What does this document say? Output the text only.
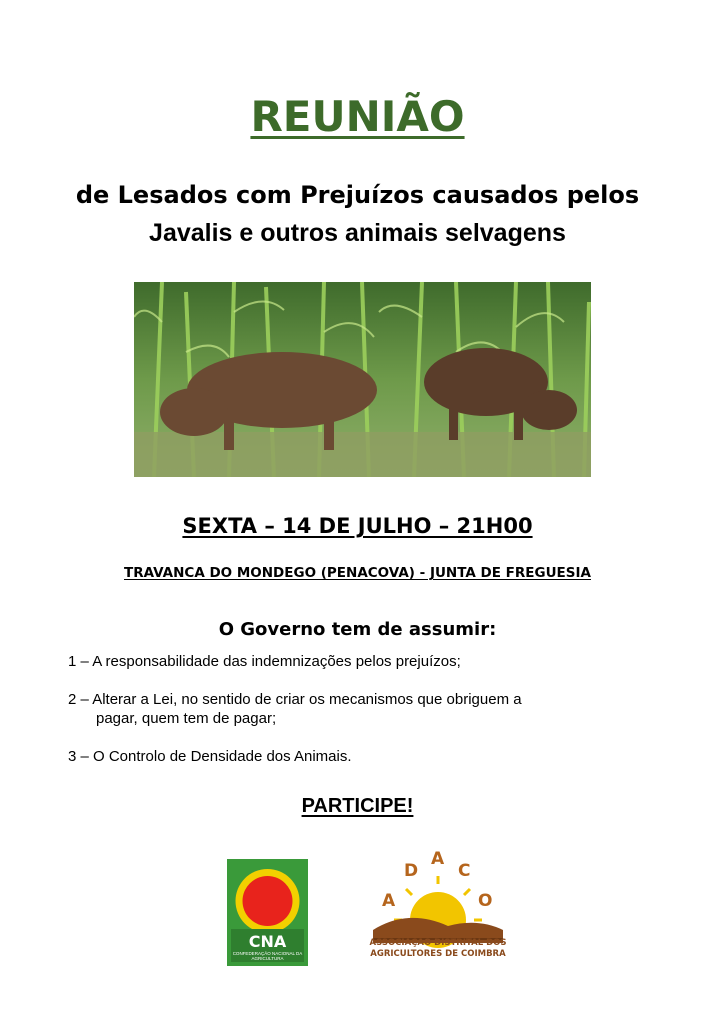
REUNIÃO
de Lesados com Prejuízos causados pelos
Javalis e outros animais selvagens
SEXTA – 14 DE JULHO – 21H00
TRAVANCA DO MONDEGO (PENACOVA) - JUNTA DE FREGUESIA
O Governo tem de assumir:
1 – A responsabilidade das indemnizações pelos prejuízos;
2 – Alterar a Lei, no sentido de criar os mecanismos que obriguem a
pagar, quem tem de pagar;
3 – O Controlo de Densidade dos Animais.
PARTICIPE!
CNA
CONFEDERAÇÃO NACIONAL DA AGRICULTURA
A
D
A
C
O
ASSOCIAÇÃO DISTRITAL DOS
AGRICULTORES DE COIMBRA
